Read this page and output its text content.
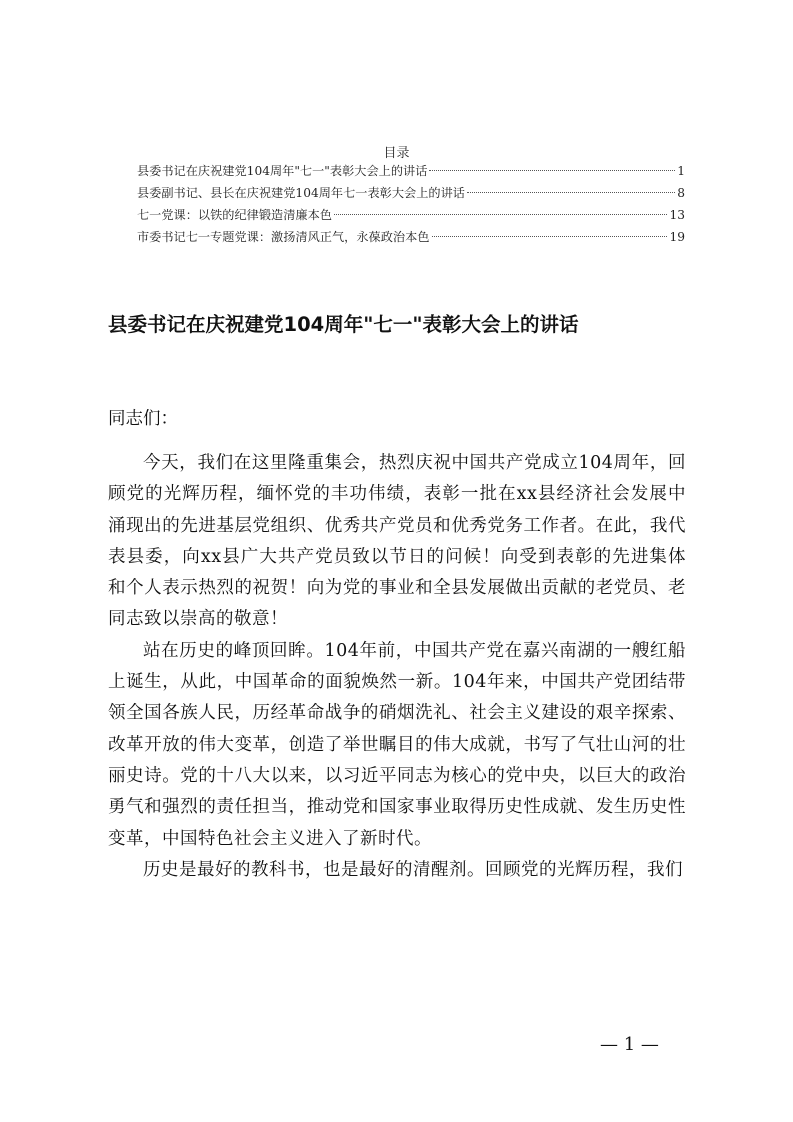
目录
县委书记在庆祝建党104周年"七一"表彰大会上的讲话	1
县委副书记、县长在庆祝建党104周年七一表彰大会上的讲话	8
七一党课：以铁的纪律锻造清廉本色	13
市委书记七一专题党课：激扬清风正气，永葆政治本色	19
县委书记在庆祝建党104周年"七一"表彰大会上的讲话
同志们：

今天，我们在这里隆重集会，热烈庆祝中国共产党成立104周年，回顾党的光辉历程，缅怀党的丰功伟绩，表彰一批在xx县经济社会发展中涌现出的先进基层党组织、优秀共产党员和优秀党务工作者。在此，我代表县委，向xx县广大共产党员致以节日的问候！向受到表彰的先进集体和个人表示热烈的祝贺！向为党的事业和全县发展做出贡献的老党员、老同志致以崇高的敬意！

站在历史的峰顶回眸。104年前，中国共产党在嘉兴南湖的一艘红船上诞生，从此，中国革命的面貌焕然一新。104年来，中国共产党团结带领全国各族人民，历经革命战争的硝烟洗礼、社会主义建设的艰辛探索、改革开放的伟大变革，创造了举世瞩目的伟大成就，书写了气壮山河的壮丽史诗。党的十八大以来，以习近平同志为核心的党中央，以巨大的政治勇气和强烈的责任担当，推动党和国家事业取得历史性成就、发生历史性变革，中国特色社会主义进入了新时代。

历史是最好的教科书，也是最好的清醒剂。回顾党的光辉历程，我们

— 1 —
